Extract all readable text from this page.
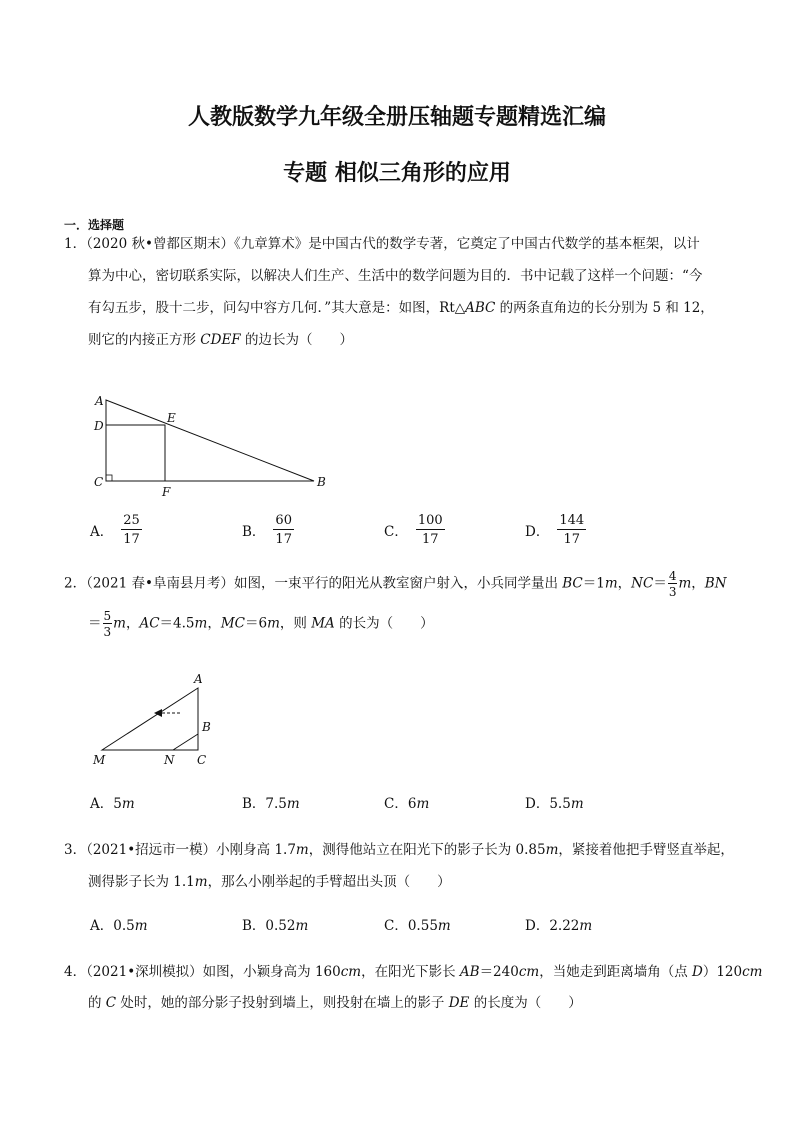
人教版数学九年级全册压轴题专题精选汇编
专题 相似三角形的应用
一．选择题
1．（2020 秋•曾都区期末）《九章算术》是中国古代的数学专著，它奠定了中国古代数学的基本框架，以计
算为中心，密切联系实际，以解决人们生产、生活中的数学问题为目的．书中记载了这样一个问题：“今
有勾五步，股十二步，问勾中容方几何．”其大意是：如图，Rt△ABC 的两条直角边的长分别为 5 和 12，
则它的内接正方形 CDEF 的边长为（　　）
A
D
E
C
F
B
A． $\frac{25}{17}$	B． $\frac{60}{17}$	C． $\frac{100}{17}$	D． $\frac{144}{17}$
2．（2021 春•阜南县月考）如图，一束平行的阳光从教室窗户射入，小兵同学量出 BC＝1m，$NC= \frac{4}{3}$ m，BN
＝ $\frac{5}{3}$ m，AC＝4.5m，MC＝6m，则 MA 的长为（　　）
A
B
M	N C
A．5m	B．7.5m	C．6m	D．5.5m
3．（2021•招远市一模）小刚身高 1.7m，测得他站立在阳光下的影子长为 0.85m，紧接着他把手臂竖直举起，
测得影子长为 1.1m，那么小刚举起的手臂超出头顶（　　）
A．0.5m	B．0.52m	C．0.55m	D．2.22m
4．（2021•深圳模拟）如图，小颖身高为 160cm，在阳光下影长 AB＝240cm，当她走到距离墙角（点 D）120cm
的 C 处时，她的部分影子投射到墙上，则投射在墙上的影子 DE 的长度为（　　）
